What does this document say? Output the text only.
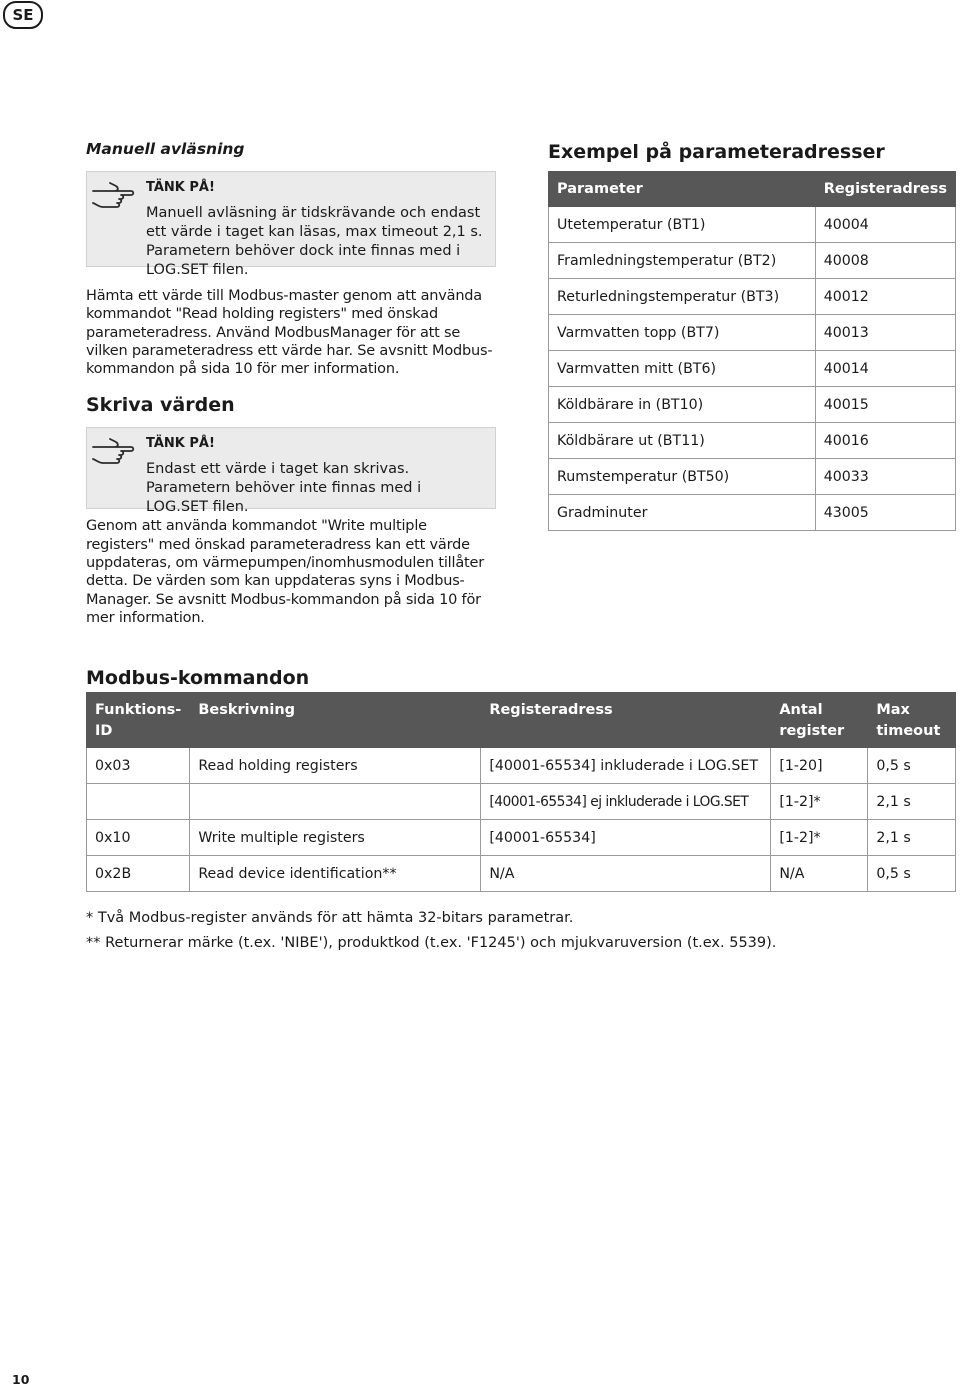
SE
Manuell avläsning
TÄNK PÅ!
Manuell avläsning är tidskrävande och endast ett värde i taget kan läsas, max timeout 2,1 s. Parametern behöver dock inte finnas med i LOG.SET filen.

Hämta ett värde till Modbus-master genom att använda kommandot "Read holding registers" med önskad parameteradress. Använd ModbusManager för att se vilken parameteradress ett värde har. Se avsnitt Modbus-kommandon på sida 10 för mer information.

Skriva värden
TÄNK PÅ!
Endast ett värde i taget kan skrivas. Parametern behöver inte finnas med i LOG.SET filen.

Genom att använda kommandot "Write multiple registers" med önskad parameteradress kan ett värde uppdateras, om värmepumpen/inomhusmodulen tillåter detta. De värden som kan uppdateras syns i Modbus-Manager. Se avsnitt Modbus-kommandon på sida 10 för mer information.

Exempel på parameteradresser
Parameter	Registeradress
Utetemperatur (BT1)	40004
Framledningstemperatur (BT2)	40008
Returledningstemperatur (BT3)	40012
Varmvatten topp (BT7)	40013
Varmvatten mitt (BT6)	40014
Köldbärare in (BT10)	40015
Köldbärare ut (BT11)	40016
Rumstemperatur (BT50)	40033
Gradminuter	43005
Modbus-kommandon
Funktions-ID	Beskrivning	Registeradress	Antal register	Max timeout
0x03	Read holding registers	[40001-65534] inkluderade i LOG.SET	[1-20]	0,5 s
		[40001-65534] ej inkluderade i LOG.SET	[1-2]*	2,1 s
0x10	Write multiple registers	[40001-65534]	[1-2]*	2,1 s
0x2B	Read device identification**	N/A	N/A	0,5 s

* Två Modbus-register används för att hämta 32-bitars parametrar.

** Returnerar märke (t.ex. 'NIBE'), produktkod (t.ex. 'F1245') och mjukvaruversion (t.ex. 5539).

10
